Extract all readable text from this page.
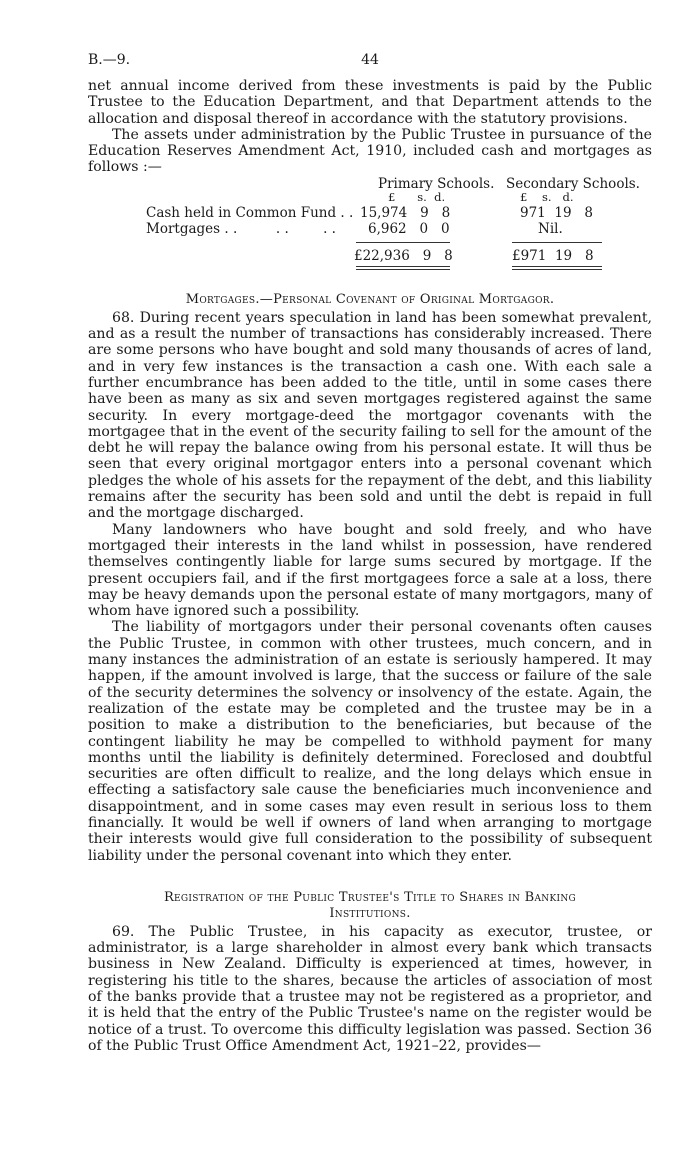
B.—9.	44

net annual income derived from these investments is paid by the Public Trustee to the Education Department, and that Department attends to the allocation and disposal thereof in accordance with the statutory provisions.

The assets under administration by the Public Trustee in pursuance of the Education Reserves Amendment Act, 1910, included cash and mortgages as follows :—

Primary Schools. Secondary Schools.
£      s.  d.	£    s.   d.
Cash held in Common Fund . . 15,974   9   8	971  19   8
Mortgages . .         . .        . . 6,962   0   0	Nil.
£22,936   9   8	£971  19   8
Mortgages.—Personal Covenant of Original Mortgagor.

68. During recent years speculation in land has been somewhat prevalent, and as a result the number of transactions has considerably increased. There are some persons who have bought and sold many thousands of acres of land, and in very few instances is the transaction a cash one. With each sale a further encumbrance has been added to the title, until in some cases there have been as many as six and seven mortgages registered against the same security. In every mortgage-deed the mortgagor covenants with the mortgagee that in the event of the security failing to sell for the amount of the debt he will repay the balance owing from his personal estate. It will thus be seen that every original mortgagor enters into a personal covenant which pledges the whole of his assets for the repayment of the debt, and this liability remains after the security has been sold and until the debt is repaid in full and the mortgage discharged.

Many landowners who have bought and sold freely, and who have mortgaged their interests in the land whilst in possession, have rendered themselves contingently liable for large sums secured by mortgage. If the present occupiers fail, and if the first mortgagees force a sale at a loss, there may be heavy demands upon the personal estate of many mortgagors, many of whom have ignored such a possibility.

The liability of mortgagors under their personal covenants often causes the Public Trustee, in common with other trustees, much concern, and in many instances the administration of an estate is seriously hampered. It may happen, if the amount involved is large, that the success or failure of the sale of the security determines the solvency or insolvency of the estate. Again, the realization of the estate may be completed and the trustee may be in a position to make a distribution to the beneficiaries, but because of the contingent liability he may be compelled to withhold payment for many months until the liability is definitely determined. Foreclosed and doubtful securities are often difficult to realize, and the long delays which ensue in effecting a satisfactory sale cause the beneficiaries much inconvenience and disappointment, and in some cases may even result in serious loss to them financially. It would be well if owners of land when arranging to mortgage their interests would give full consideration to the possibility of subsequent liability under the personal covenant into which they enter.

Registration of the Public Trustee's Title to Shares in Banking
Institutions.

69. The Public Trustee, in his capacity as executor, trustee, or administrator, is a large shareholder in almost every bank which transacts business in New Zealand. Difficulty is experienced at times, however, in registering his title to the shares, because the articles of association of most of the banks provide that a trustee may not be registered as a proprietor, and it is held that the entry of the Public Trustee's name on the register would be notice of a trust. To overcome this difficulty legislation was passed. Section 36 of the Public Trust Office Amendment Act, 1921–22, provides—
